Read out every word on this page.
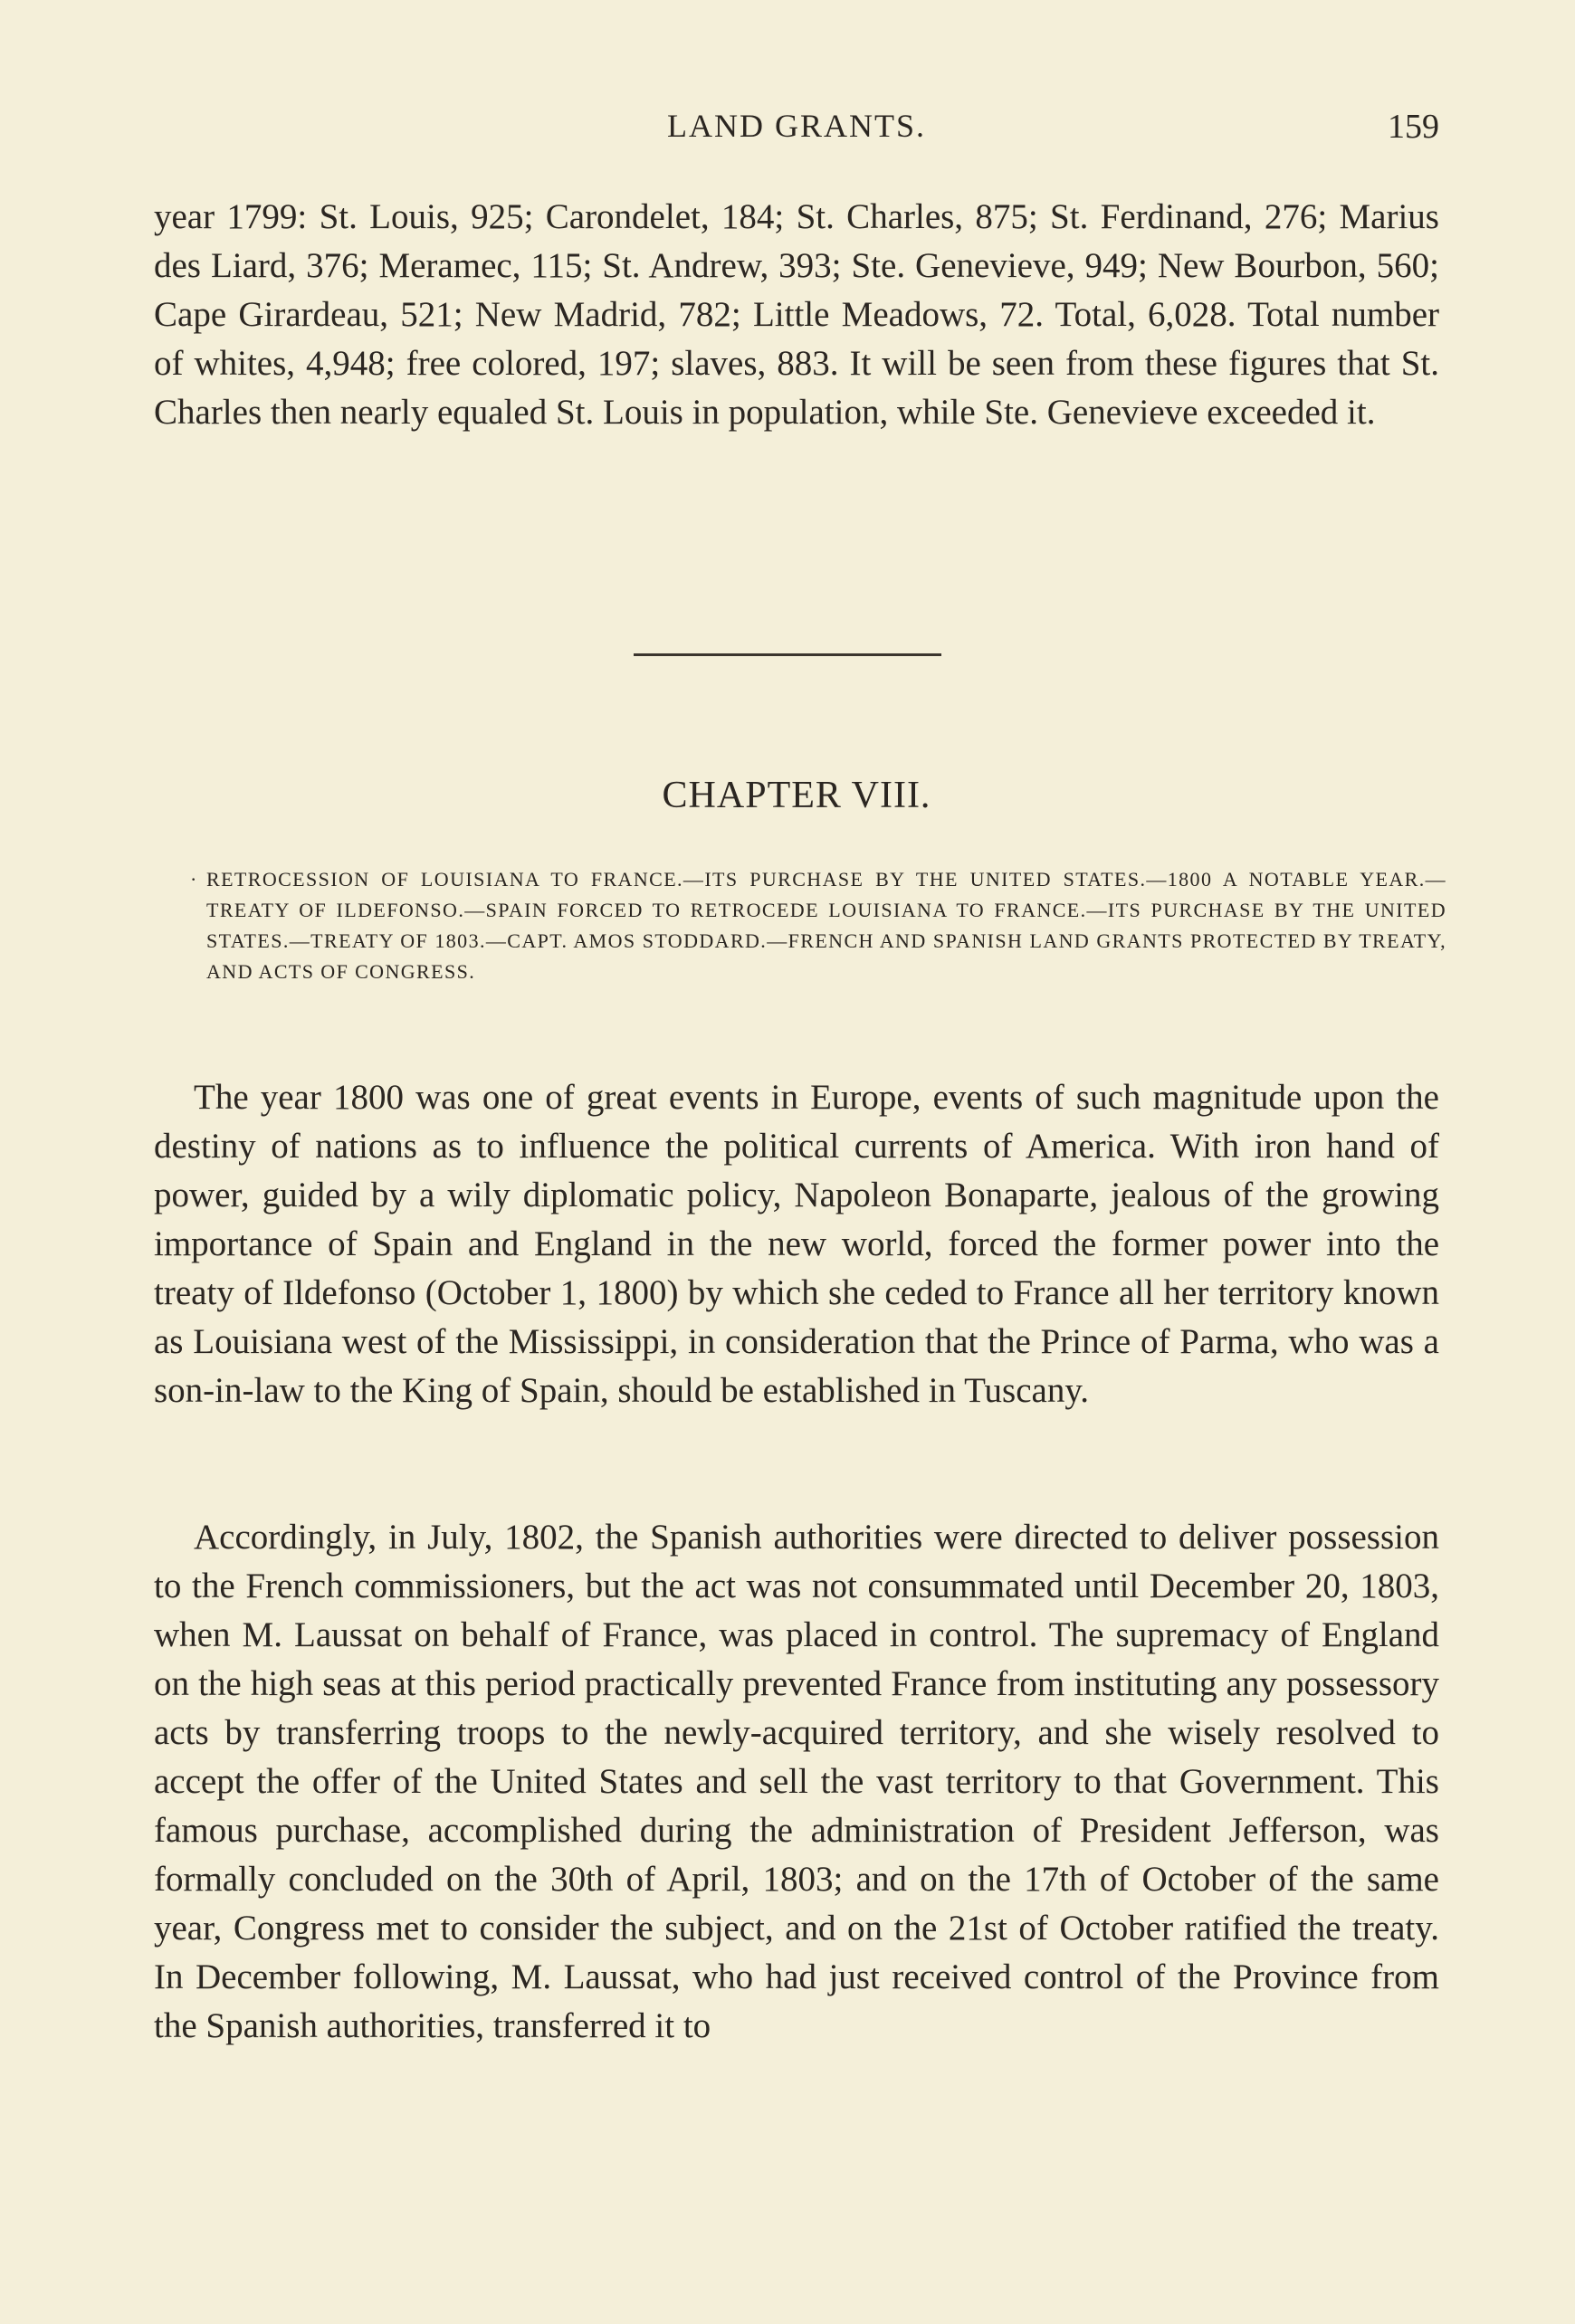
LAND GRANTS.	159

year 1799: St. Louis, 925; Carondelet, 184; St. Charles, 875; St. Ferdinand, 276; Marius des Liard, 376; Meramec, 115; St. Andrew, 393; Ste. Genevieve, 949; New Bourbon, 560; Cape Girardeau, 521; New Madrid, 782; Little Meadows, 72. Total, 6,028. Total number of whites, 4,948; free colored, 197; slaves, 883. It will be seen from these figures that St. Charles then nearly equaled St. Louis in population, while Ste. Genevieve exceeded it.

CHAPTER VIII.
· RETROCESSION OF LOUISIANA TO FRANCE.—ITS PURCHASE BY THE UNITED STATES.—1800 A NOTABLE YEAR.—TREATY OF ILDEFONSO.—SPAIN FORCED TO RETROCEDE LOUISIANA TO FRANCE.—ITS PURCHASE BY THE UNITED STATES.—TREATY OF 1803.—CAPT. AMOS STODDARD.—FRENCH AND SPANISH LAND GRANTS PROTECTED BY TREATY, AND ACTS OF CONGRESS.

The year 1800 was one of great events in Europe, events of such magnitude upon the destiny of nations as to influence the political currents of America. With iron hand of power, guided by a wily diplomatic policy, Napoleon Bonaparte, jealous of the growing importance of Spain and England in the new world, forced the former power into the treaty of Ildefonso (October 1, 1800) by which she ceded to France all her territory known as Louisiana west of the Mississippi, in consideration that the Prince of Parma, who was a son-in-law to the King of Spain, should be established in Tuscany.

Accordingly, in July, 1802, the Spanish authorities were directed to deliver possession to the French commissioners, but the act was not consummated until December 20, 1803, when M. Laussat on behalf of France, was placed in control. The supremacy of England on the high seas at this period practically prevented France from instituting any possessory acts by transferring troops to the newly-acquired territory, and she wisely resolved to accept the offer of the United States and sell the vast territory to that Government. This famous purchase, accomplished during the administration of President Jefferson, was formally concluded on the 30th of April, 1803; and on the 17th of October of the same year, Congress met to consider the subject, and on the 21st of October ratified the treaty. In December following, M. Laussat, who had just received control of the Province from the Spanish authorities, transferred it to
